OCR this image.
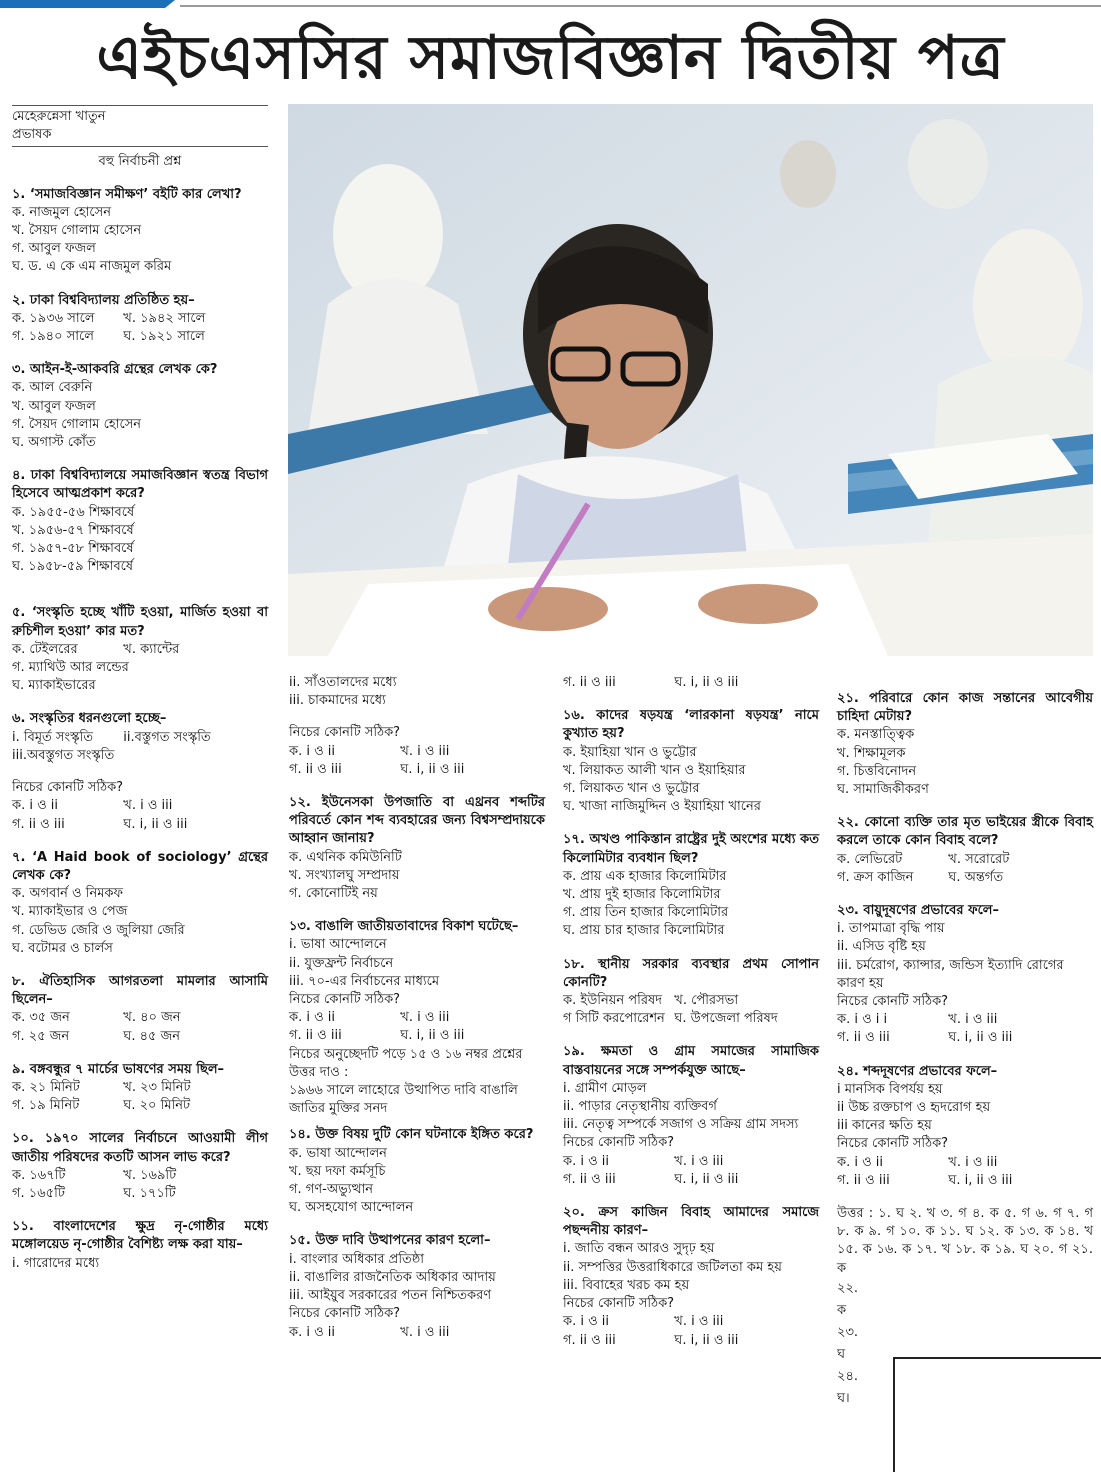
এইচএসসির সমাজবিজ্ঞান দ্বিতীয় পত্র
মেহেরুন্নেসা খাতুন
প্রভাষক
বহু নির্বাচনী প্রশ্ন
১. ‘সমাজবিজ্ঞান সমীক্ষণ’ বইটি কার লেখা?
ক. নাজমুল হোসেন
খ. সৈয়দ গোলাম হোসেন
গ. আবুল ফজল
ঘ. ড. এ কে এম নাজমুল করিম
২. ঢাকা বিশ্ববিদ্যালয় প্রতিষ্ঠিত হয়–
ক. ১৯৩৬ সালে	খ. ১৯৪২ সালে
গ. ১৯৪০ সালে	ঘ. ১৯২১ সালে
৩. আইন-ই-আকবরি গ্রন্থের লেখক কে?
ক. আল বেরুনি
খ. আবুল ফজল
গ. সৈয়দ গোলাম হোসেন
ঘ. অগাস্ট কোঁত
৪. ঢাকা বিশ্ববিদ্যালয়ে সমাজবিজ্ঞান স্বতন্ত্র বিভাগ হিসেবে আত্মপ্রকাশ করে?
ক. ১৯৫৫-৫৬ শিক্ষাবর্ষে
খ. ১৯৫৬-৫৭ শিক্ষাবর্ষে
গ. ১৯৫৭-৫৮ শিক্ষাবর্ষে
ঘ. ১৯৫৮-৫৯ শিক্ষাবর্ষে
৫. ‘সংস্কৃতি হচ্ছে খাঁটি হওয়া, মার্জিত হওয়া বা রুচিশীল হওয়া’ কার মত?
ক. টেইলরের	খ. ক্যান্টের
গ. ম্যাথিউ আর লন্ডের
ঘ. ম্যাকাইভারের
৬. সংস্কৃতির ধরনগুলো হচ্ছে–
i. বিমূর্ত সংস্কৃতি	ii.বস্তুগত সংস্কৃতি
iii.অবস্তুগত সংস্কৃতি
নিচের কোনটি সঠিক?
ক. i ও ii	খ. i ও iii
গ. ii ও iii	ঘ. i, ii ও iii
৭. ‘A Haid book of sociology’ গ্রন্থের লেখক কে?
ক. অগবার্ন ও নিমকফ
খ. ম্যাকাইভার ও পেজ
গ. ডেভিড জেরি ও জুলিয়া জেরি
ঘ. বটোমর ও চার্লস
৮. ঐতিহাসিক আগরতলা মামলার আসামি ছিলেন–
ক. ৩৫ জন	খ. ৪০ জন
গ. ২৫ জন	ঘ. ৪৫ জন
৯. বঙ্গবন্ধুর ৭ মার্চের ভাষণের সময় ছিল–
ক. ২১ মিনিট	খ. ২৩ মিনিট
গ. ১৯ মিনিট	ঘ. ২০ মিনিট
১০. ১৯৭০ সালের নির্বাচনে আওয়ামী লীগ জাতীয় পরিষদের কতটি আসন লাভ করে?
ক. ১৬৭টি	খ. ১৬৯টি
গ. ১৬৫টি	ঘ. ১৭১টি
১১. বাংলাদেশের ক্ষুদ্র নৃ-গোষ্ঠীর মধ্যে মঙ্গোলয়েড নৃ-গোষ্ঠীর বৈশিষ্ট্য লক্ষ করা যায়–
i. গারোদের মধ্যে
ii. সাঁওতালদের মধ্যে
iii. চাকমাদের মধ্যে
নিচের কোনটি সঠিক?
ক. i ও ii	খ. i ও iii
গ. ii ও iii	ঘ. i, ii ও iii
১২. ইউনেসকা উপজাতি বা এথ্রনব শব্দটির পরিবর্তে কোন শব্দ ব্যবহারের জন্য বিশ্বসম্প্রদায়কে আহ্বান জানায়?
ক. এথনিক কমিউনিটি
খ. সংখ্যালঘু সম্প্রদায়
গ. কোনোটিই নয়
১৩. বাঙালি জাতীয়তাবাদের বিকাশ ঘটেছে–
i. ভাষা আন্দোলনে
ii. যুক্তফ্রন্ট নির্বাচনে
iii. ৭০-এর নির্বাচনের মাধ্যমে
নিচের কোনটি সঠিক?
ক. i ও ii	খ. i ও iii
গ. ii ও iii	ঘ. i, ii ও iii
নিচের অনুচ্ছেদটি পড়ে ১৫ ও ১৬ নম্বর প্রশ্নের উত্তর দাও :
১৯৬৬ সালে লাহোরে উত্থাপিত দাবি বাঙালি জাতির মুক্তির সনদ
১৪. উক্ত বিষয় দুটি কোন ঘটনাকে ইঙ্গিত করে?
ক. ভাষা আন্দোলন
খ. ছয় দফা কর্মসূচি
গ. গণ-অভ্যুত্থান
ঘ. অসহযোগ আন্দোলন
১৫. উক্ত দাবি উত্থাপনের কারণ হলো–
i. বাংলার অধিকার প্রতিষ্ঠা
ii. বাঙালির রাজনৈতিক অধিকার আদায়
iii. আইয়ুব সরকারের পতন নিশ্চিতকরণ
নিচের কোনটি সঠিক?
ক. i ও ii	খ. i ও iii
গ. ii ও iii	ঘ. i, ii ও iii
১৬. কাদের ষড়যন্ত্র ‘লারকানা ষড়যন্ত্র’ নামে কুখ্যাত হয়?
ক. ইয়াহিয়া খান ও ভুট্টোর
খ. লিয়াকত আলী খান ও ইয়াহিয়ার
গ. লিয়াকত খান ও ভুট্টোর
ঘ. খাজা নাজিমুদ্দিন ও ইয়াহিয়া খানের
১৭. অখণ্ড পাকিস্তান রাষ্ট্রের দুই অংশের মধ্যে কত কিলোমিটার ব্যবধান ছিল?
ক. প্রায় এক হাজার কিলোমিটার
খ. প্রায় দুই হাজার কিলোমিটার
গ. প্রায় তিন হাজার কিলোমিটার
ঘ. প্রায় চার হাজার কিলোমিটার
১৮. স্থানীয় সরকার ব্যবস্থার প্রথম সোপান কোনটি?
ক. ইউনিয়ন পরিষদ খ. পৌরসভা
গ সিটি করপোরেশন ঘ. উপজেলা পরিষদ
১৯. ক্ষমতা ও গ্রাম সমাজের সামাজিক বাস্তবায়নের সঙ্গে সম্পর্কযুক্ত আছে–
i. গ্রামীণ মোড়ল
ii. পাড়ার নেতৃস্থানীয় ব্যক্তিবর্গ
iii. নেতৃত্ব সম্পর্কে সজাগ ও সক্রিয় গ্রাম সদস্য
নিচের কোনটি সঠিক?
ক. i ও ii	খ. i ও iii
গ. ii ও iii	ঘ. i, ii ও iii
২০. ক্রস কাজিন বিবাহ আমাদের সমাজে পছন্দনীয় কারণ–
i. জাতি বন্ধন আরও সুদৃঢ় হয়
ii. সম্পত্তির উত্তরাধিকারে জটিলতা কম হয়
iii. বিবাহের খরচ কম হয়
নিচের কোনটি সঠিক?
ক. i ও ii	খ. i ও iii
গ. ii ও iii	ঘ. i, ii ও iii
২১. পরিবারে কোন কাজ সন্তানের আবেগীয় চাহিদা মেটায়?
ক. মনস্তাত্ত্বিক
খ. শিক্ষামূলক
গ. চিত্তবিনোদন
ঘ. সামাজিকীকরণ
২২. কোনো ব্যক্তি তার মৃত ভাইয়ের স্ত্রীকে বিবাহ করলে তাকে কোন বিবাহ বলে?
ক. লেভিরেট	খ. সরোরেট
গ. ক্রস কাজিন	ঘ. অন্তর্গত
২৩. বায়ুদূষণের প্রভাবের ফলে–
i. তাপমাত্রা বৃদ্ধি পায়
ii. এসিড বৃষ্টি হয়
iii. চর্মরোগ, ক্যান্সার, জন্ডিস ইত্যাদি রোগের কারণ হয়
নিচের কোনটি সঠিক?
ক. i ও i i	খ. i ও iii
গ. ii ও iii	ঘ. i, ii ও iii
২৪. শব্দদূষণের প্রভাবের ফলে–
i মানসিক বিপর্যয় হয়
ii উচ্চ রক্তচাপ ও হৃদরোগ হয়
iii কানের ক্ষতি হয়
নিচের কোনটি সঠিক?
ক. i ও ii	খ. i ও iii
গ. ii ও iii	ঘ. i, ii ও iii
উত্তর : ১. ঘ ২. খ ৩. গ ৪. ক ৫. গ ৬. গ ৭. গ ৮. ক ৯. গ ১০. ক ১১. ঘ ১২. ক ১৩. ক ১৪. খ ১৫. ক ১৬. ক ১৭. খ ১৮. ক ১৯. ঘ ২০. গ ২১. ক
২২.
ক
২৩.
ঘ
২৪.
ঘ।
